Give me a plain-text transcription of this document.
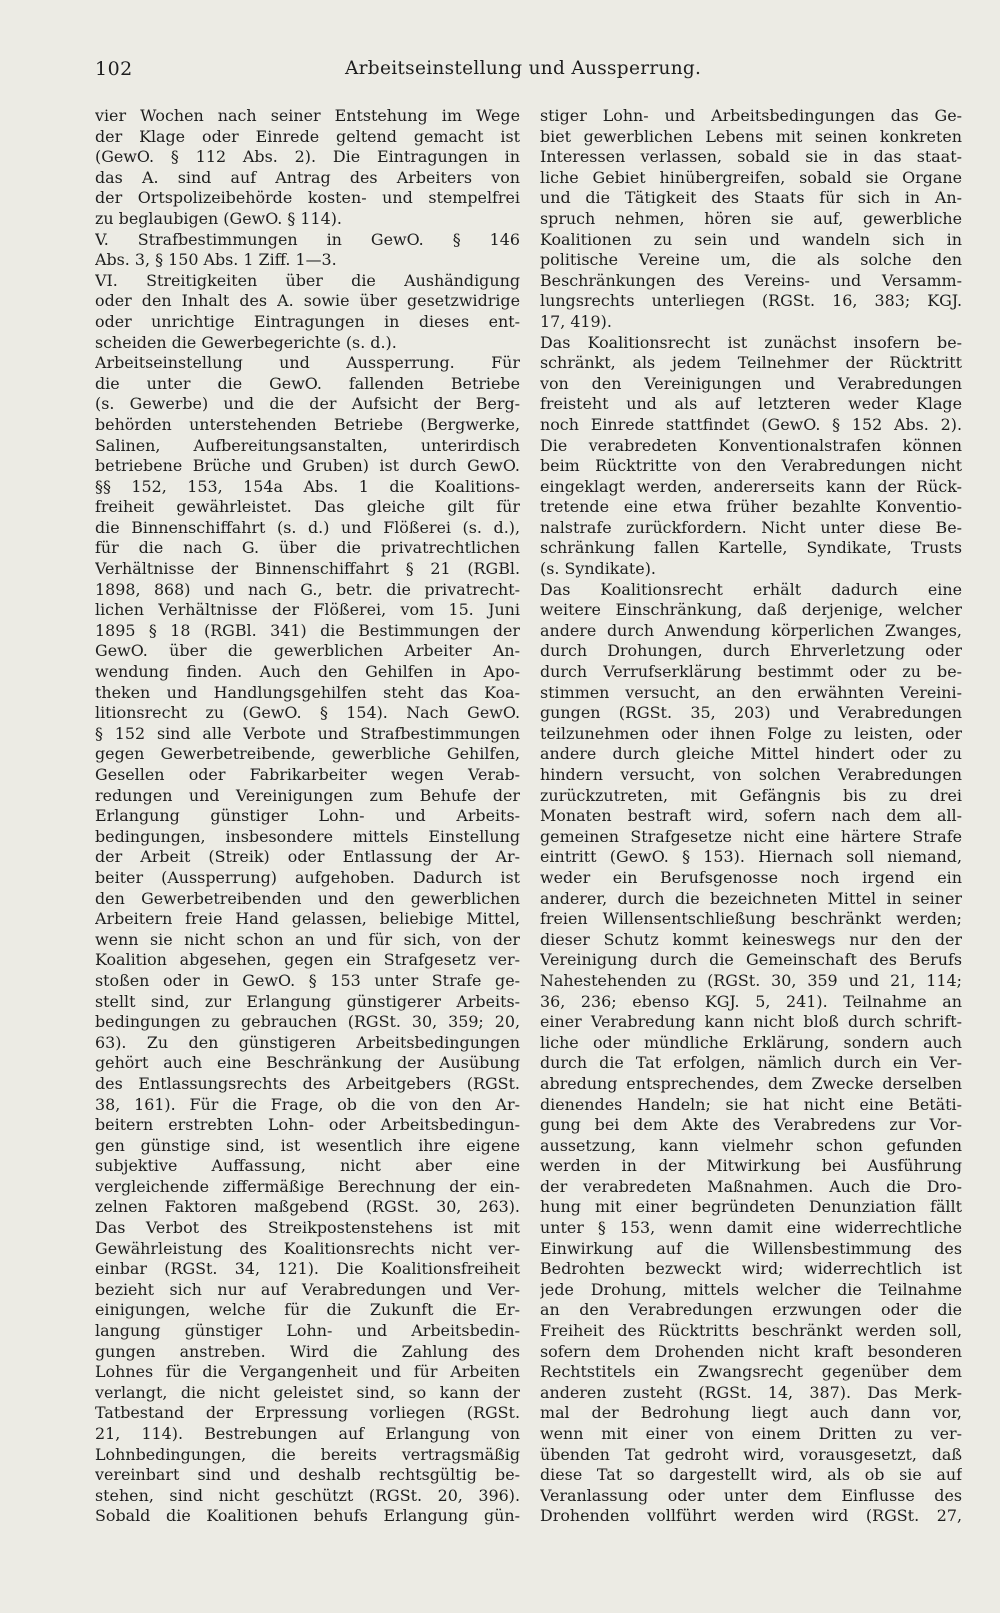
102	Arbeitseinstellung und Aussperrung.
vier Wochen nach seiner Entstehung im Wege
der Klage oder Einrede geltend gemacht ist
(GewO. § 112 Abs. 2). Die Eintragungen in
das A. sind auf Antrag des Arbeiters von
der Ortspolizeibehörde kosten- und stempelfrei
zu beglaubigen (GewO. § 114).
V. Strafbestimmungen in GewO. § 146
Abs. 3, § 150 Abs. 1 Ziff. 1—3.
VI. Streitigkeiten über die Aushändigung
oder den Inhalt des A. sowie über gesetzwidrige
oder unrichtige Eintragungen in dieses ent-
scheiden die Gewerbegerichte (s. d.).
Arbeitseinstellung und Aussperrung. Für
die unter die GewO. fallenden Betriebe
(s. Gewerbe) und die der Aufsicht der Berg-
behörden unterstehenden Betriebe (Bergwerke,
Salinen, Aufbereitungsanstalten, unterirdisch
betriebene Brüche und Gruben) ist durch GewO.
§§ 152, 153, 154a Abs. 1 die Koalitions-
freiheit gewährleistet. Das gleiche gilt für
die Binnenschiffahrt (s. d.) und Flößerei (s. d.),
für die nach G. über die privatrechtlichen
Verhältnisse der Binnenschiffahrt § 21 (RGBl.
1898, 868) und nach G., betr. die privatrecht-
lichen Verhältnisse der Flößerei, vom 15. Juni
1895 § 18 (RGBl. 341) die Bestimmungen der
GewO. über die gewerblichen Arbeiter An-
wendung finden. Auch den Gehilfen in Apo-
theken und Handlungsgehilfen steht das Koa-
litionsrecht zu (GewO. § 154). Nach GewO.
§ 152 sind alle Verbote und Strafbestimmungen
gegen Gewerbetreibende, gewerbliche Gehilfen,
Gesellen oder Fabrikarbeiter wegen Verab-
redungen und Vereinigungen zum Behufe der
Erlangung günstiger Lohn- und Arbeits-
bedingungen, insbesondere mittels Einstellung
der Arbeit (Streik) oder Entlassung der Ar-
beiter (Aussperrung) aufgehoben. Dadurch ist
den Gewerbetreibenden und den gewerblichen
Arbeitern freie Hand gelassen, beliebige Mittel,
wenn sie nicht schon an und für sich, von der
Koalition abgesehen, gegen ein Strafgesetz ver-
stoßen oder in GewO. § 153 unter Strafe ge-
stellt sind, zur Erlangung günstigerer Arbeits-
bedingungen zu gebrauchen (RGSt. 30, 359; 20,
63). Zu den günstigeren Arbeitsbedingungen
gehört auch eine Beschränkung der Ausübung
des Entlassungsrechts des Arbeitgebers (RGSt.
38, 161). Für die Frage, ob die von den Ar-
beitern erstrebten Lohn- oder Arbeitsbedingun-
gen günstige sind, ist wesentlich ihre eigene
subjektive Auffassung, nicht aber eine
vergleichende ziffermäßige Berechnung der ein-
zelnen Faktoren maßgebend (RGSt. 30, 263).
Das Verbot des Streikpostenstehens ist mit
Gewährleistung des Koalitionsrechts nicht ver-
einbar (RGSt. 34, 121). Die Koalitionsfreiheit
bezieht sich nur auf Verabredungen und Ver-
einigungen, welche für die Zukunft die Er-
langung günstiger Lohn- und Arbeitsbedin-
gungen anstreben. Wird die Zahlung des
Lohnes für die Vergangenheit und für Arbeiten
verlangt, die nicht geleistet sind, so kann der
Tatbestand der Erpressung vorliegen (RGSt.
21, 114). Bestrebungen auf Erlangung von
Lohnbedingungen, die bereits vertragsmäßig
vereinbart sind und deshalb rechtsgültig be-
stehen, sind nicht geschützt (RGSt. 20, 396).
Sobald die Koalitionen behufs Erlangung gün-
stiger Lohn- und Arbeitsbedingungen das Ge-
biet gewerblichen Lebens mit seinen konkreten
Interessen verlassen, sobald sie in das staat-
liche Gebiet hinübergreifen, sobald sie Organe
und die Tätigkeit des Staats für sich in An-
spruch nehmen, hören sie auf, gewerbliche
Koalitionen zu sein und wandeln sich in
politische Vereine um, die als solche den
Beschränkungen des Vereins- und Versamm-
lungsrechts unterliegen (RGSt. 16, 383; KGJ.
17, 419).
Das Koalitionsrecht ist zunächst insofern be-
schränkt, als jedem Teilnehmer der Rücktritt
von den Vereinigungen und Verabredungen
freisteht und als auf letzteren weder Klage
noch Einrede stattfindet (GewO. § 152 Abs. 2).
Die verabredeten Konventionalstrafen können
beim Rücktritte von den Verabredungen nicht
eingeklagt werden, andererseits kann der Rück-
tretende eine etwa früher bezahlte Konventio-
nalstrafe zurückfordern. Nicht unter diese Be-
schränkung fallen Kartelle, Syndikate, Trusts
(s. Syndikate).
Das Koalitionsrecht erhält dadurch eine
weitere Einschränkung, daß derjenige, welcher
andere durch Anwendung körperlichen Zwanges,
durch Drohungen, durch Ehrverletzung oder
durch Verrufserklärung bestimmt oder zu be-
stimmen versucht, an den erwähnten Vereini-
gungen (RGSt. 35, 203) und Verabredungen
teilzunehmen oder ihnen Folge zu leisten, oder
andere durch gleiche Mittel hindert oder zu
hindern versucht, von solchen Verabredungen
zurückzutreten, mit Gefängnis bis zu drei
Monaten bestraft wird, sofern nach dem all-
gemeinen Strafgesetze nicht eine härtere Strafe
eintritt (GewO. § 153). Hiernach soll niemand,
weder ein Berufsgenosse noch irgend ein
anderer, durch die bezeichneten Mittel in seiner
freien Willensentschließung beschränkt werden;
dieser Schutz kommt keineswegs nur den der
Vereinigung durch die Gemeinschaft des Berufs
Nahestehenden zu (RGSt. 30, 359 und 21, 114;
36, 236; ebenso KGJ. 5, 241). Teilnahme an
einer Verabredung kann nicht bloß durch schrift-
liche oder mündliche Erklärung, sondern auch
durch die Tat erfolgen, nämlich durch ein Ver-
abredung entsprechendes, dem Zwecke derselben
dienendes Handeln; sie hat nicht eine Betäti-
gung bei dem Akte des Verabredens zur Vor-
aussetzung, kann vielmehr schon gefunden
werden in der Mitwirkung bei Ausführung
der verabredeten Maßnahmen. Auch die Dro-
hung mit einer begründeten Denunziation fällt
unter § 153, wenn damit eine widerrechtliche
Einwirkung auf die Willensbestimmung des
Bedrohten bezweckt wird; widerrechtlich ist
jede Drohung, mittels welcher die Teilnahme
an den Verabredungen erzwungen oder die
Freiheit des Rücktritts beschränkt werden soll,
sofern dem Drohenden nicht kraft besonderen
Rechtstitels ein Zwangsrecht gegenüber dem
anderen zusteht (RGSt. 14, 387). Das Merk-
mal der Bedrohung liegt auch dann vor,
wenn mit einer von einem Dritten zu ver-
übenden Tat gedroht wird, vorausgesetzt, daß
diese Tat so dargestellt wird, als ob sie auf
Veranlassung oder unter dem Einflusse des
Drohenden vollführt werden wird (RGSt. 27,
